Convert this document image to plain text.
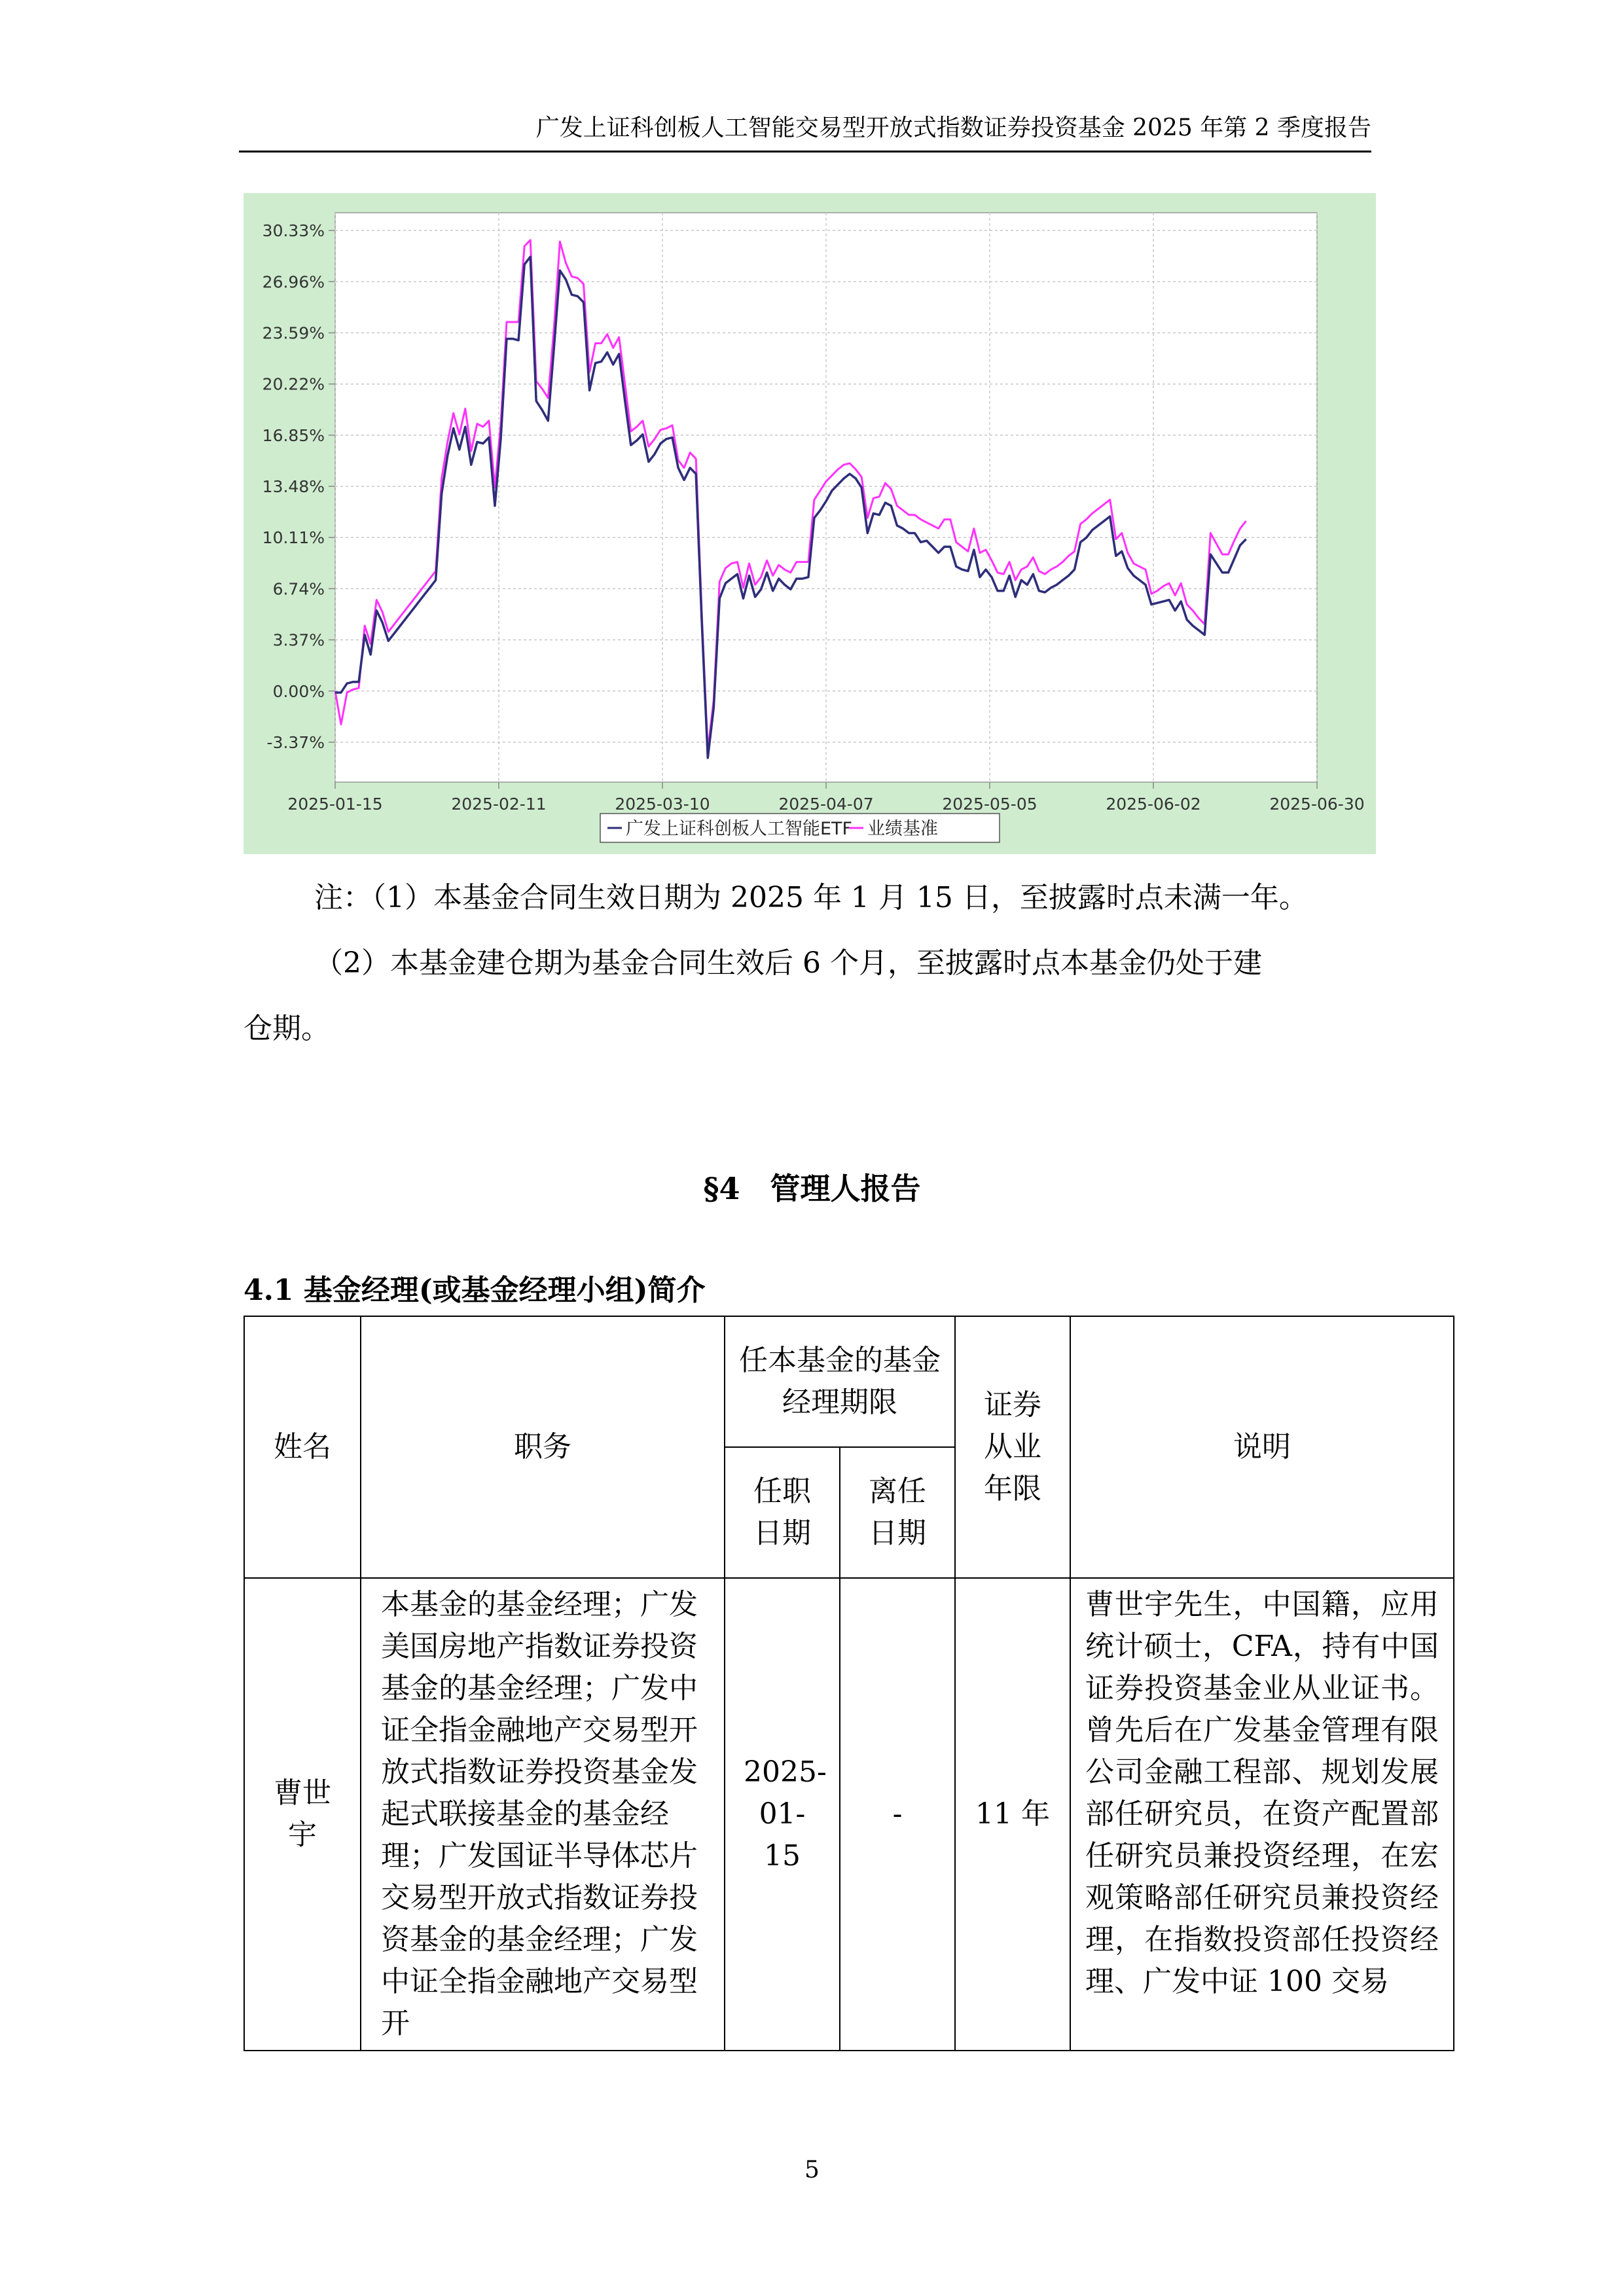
广发上证科创板人工智能交易型开放式指数证券投资基金 2025 年第 2 季度报告
30.33%
26.96%
23.59%
20.22%
16.85%
13.48%
10.11%
6.74%
3.37%
0.00%
-3.37%
2025-01-15	2025-02-11	2025-03-10	2025-04-07	2025-05-05	2025-06-02	2025-06-30
广发上证科创板人工智能ETF 业绩基准
注：（1）本基金合同生效日期为 2025 年 1 月 15 日，至披露时点未满一年。
（2）本基金建仓期为基金合同生效后 6 个月，至披露时点本基金仍处于建
仓期。
§4　管理人报告
4.1 基金经理(或基金经理小组)简介
姓名	职务	任本基金的基金经理期限		证券从业年限	说明
		任职日期	离任日期		
曹世宇	本基金的基金经理；广发美国房地产指数证券投资基金的基金经理；广发中证全指金融地产交易型开放式指数证券投资基金发起式联接基金的基金经理；广发国证半导体芯片交易型开放式指数证券投资基金的基金经理；广发中证全指金融地产交易型开	2025-01-15	-	11 年	曹世宇先生，中国籍，应用统计硕士，CFA，持有中国证券投资基金业从业证书。曾先后在广发基金管理有限公司金融工程部、规划发展部任研究员，在资产配置部任研究员兼投资经理，在宏观策略部任研究员兼投资经理，在指数投资部任投资经理、广发中证 100 交易
5
